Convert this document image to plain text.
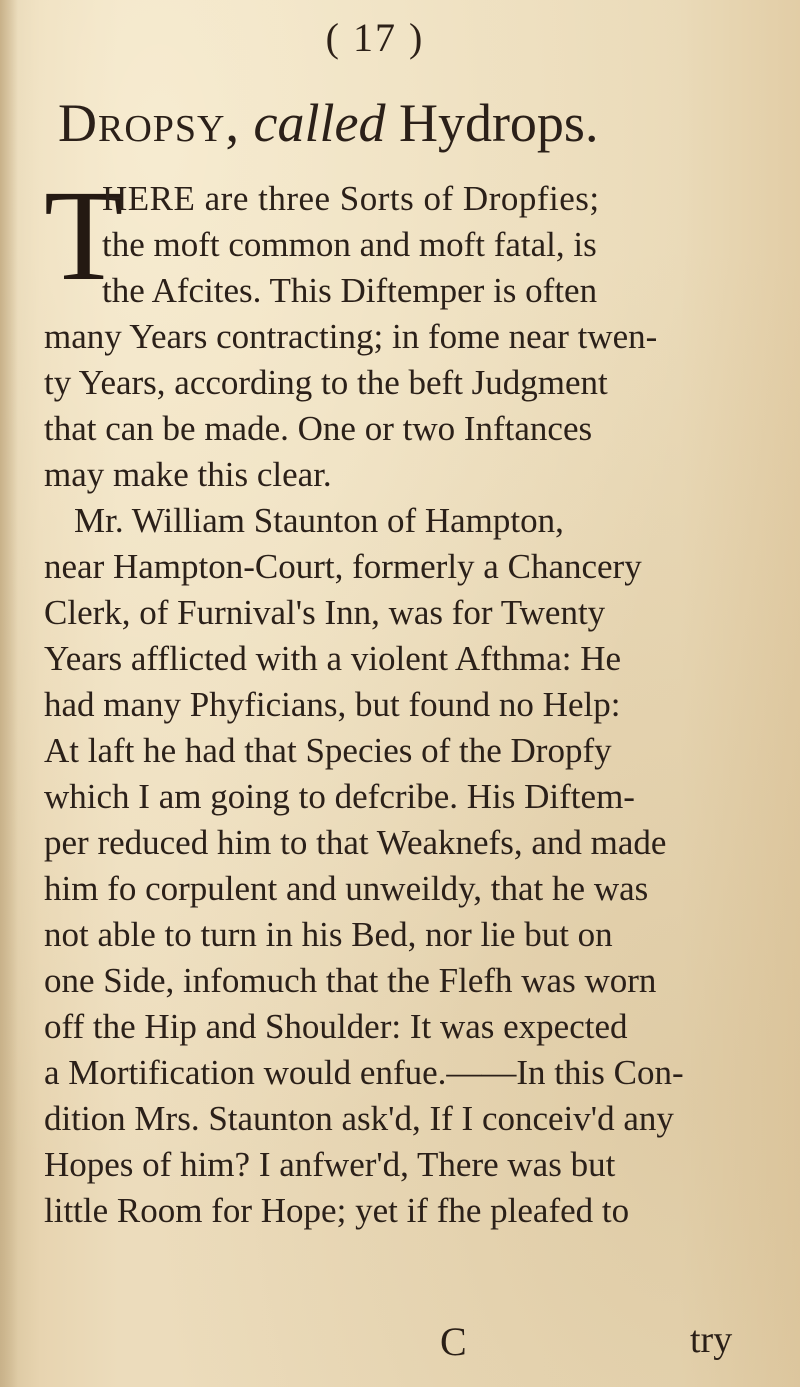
( 17 )
Dropsy, called Hydrops.
T
HERE are three Sorts of Dropfies;
the moft common and moft fatal, is
the Afcites. This Diftemper is often
many Years contracting; in fome near twen-
ty Years, according to the beft Judgment
that can be made. One or two Inftances
may make this clear.
Mr. William Staunton of Hampton,
near Hampton-Court, formerly a Chancery
Clerk, of Furnival's Inn, was for Twenty
Years afflicted with a violent Afthma: He
had many Phyficians, but found no Help:
At laft he had that Species of the Dropfy
which I am going to defcribe. His Diftem-
per reduced him to that Weaknefs, and made
him fo corpulent and unweildy, that he was
not able to turn in his Bed, nor lie but on
one Side, infomuch that the Flefh was worn
off the Hip and Shoulder: It was expected
a Mortification would enfue.——In this Con-
dition Mrs. Staunton ask'd, If I conceiv'd any
Hopes of him? I anfwer'd, There was but
little Room for Hope; yet if fhe pleafed to
C	try
